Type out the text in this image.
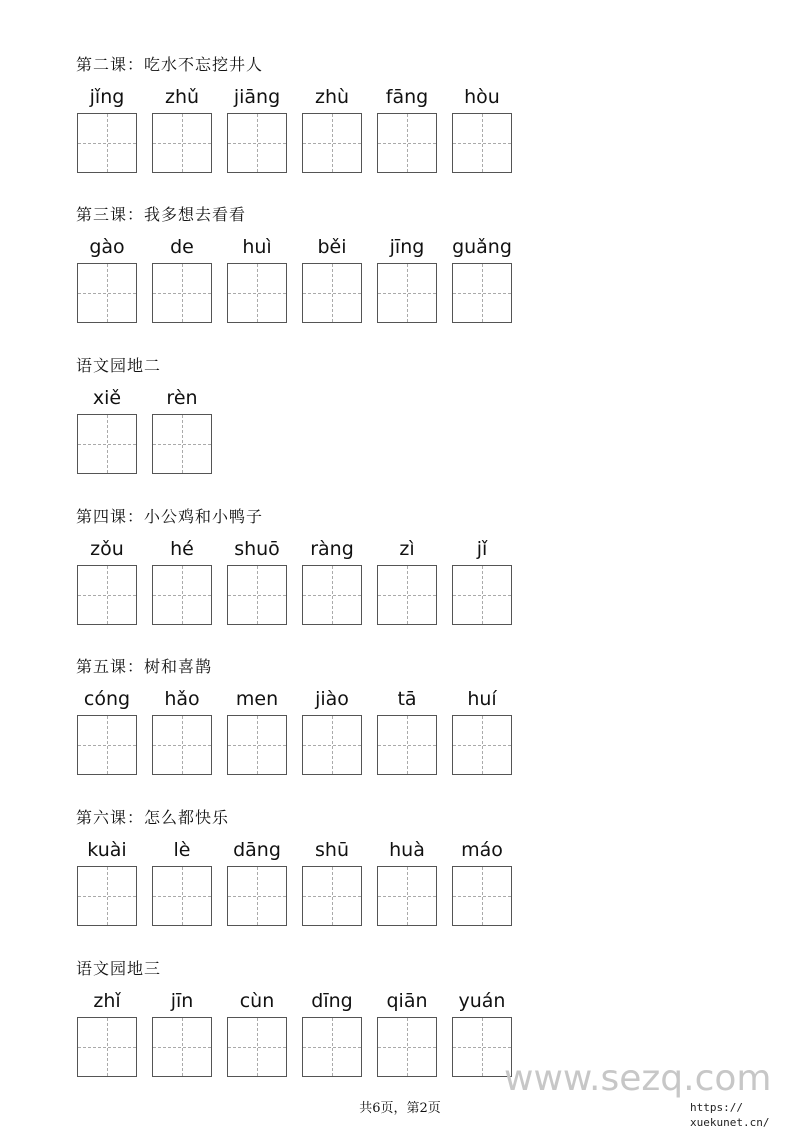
第二课：吃水不忘挖井人
jǐng zhǔ jiāng zhù fāng hòu
第三课：我多想去看看
gào de	huì běi jīng guǎng
语文园地二
xiě rèn
第四课：小公鸡和小鸭子
zǒu hé shuō ràng zì	jǐ
第五课：树和喜鹊
cóng hǎo men jiào	tā	huí
第六课：怎么都快乐
kuài lè dāng shū huà máo
语文园地三
zhǐ	jīn cùn dīng qiān yuán
共6页，第2页
www.sezq.com
https://
xuekunet.cn/
